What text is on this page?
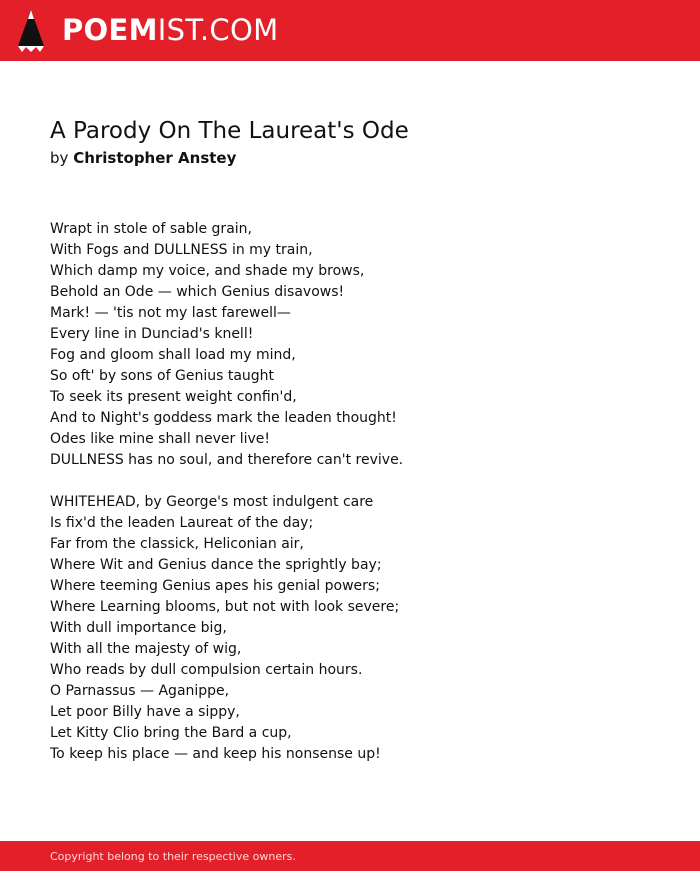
POEMIST.COM
A Parody On The Laureat's Ode
by Christopher Anstey
Wrapt in stole of sable grain,
With Fogs and DULLNESS in my train,
Which damp my voice, and shade my brows,
Behold an Ode — which Genius disavows!
Mark! — 'tis not my last farewell—
Every line in Dunciad's knell!
Fog and gloom shall load my mind,
So oft' by sons of Genius taught
To seek its present weight confin'd,
And to Night's goddess mark the leaden thought!
Odes like mine shall never live!
DULLNESS has no soul, and therefore can't revive.
WHITEHEAD, by George's most indulgent care
Is fix'd the leaden Laureat of the day;
Far from the classick, Heliconian air,
Where Wit and Genius dance the sprightly bay;
Where teeming Genius apes his genial powers;
Where Learning blooms, but not with look severe;
With dull importance big,
With all the majesty of wig,
Who reads by dull compulsion certain hours.
O Parnassus — Aganippe,
Let poor Billy have a sippy,
Let Kitty Clio bring the Bard a cup,
To keep his place — and keep his nonsense up!
Copyright belong to their respective owners.
